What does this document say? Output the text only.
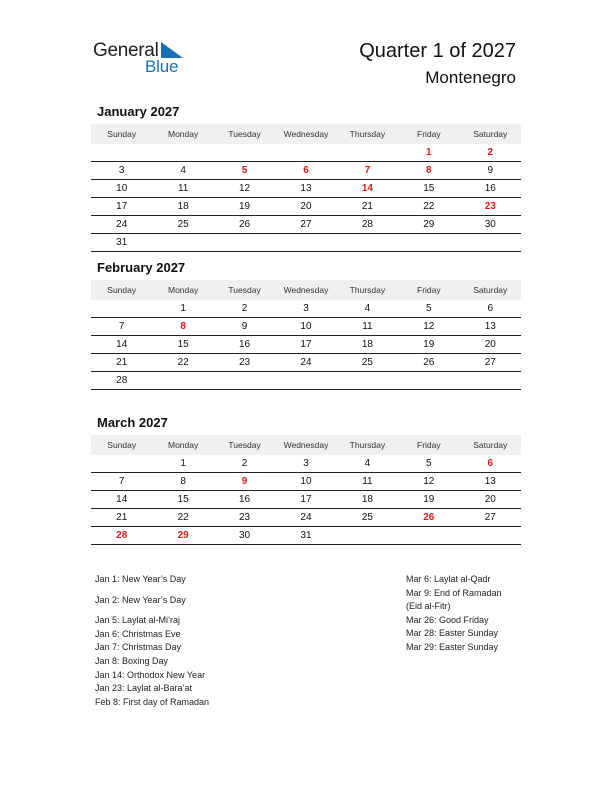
General
Blue
Quarter 1 of 2027
Montenegro
January 2027
Sunday	Monday	Tuesday	Wednesday	Thursday	Friday	Saturday
					1	2
3	4	5	6	7	8	9
10	11	12	13	14	15	16
17	18	19	20	21	22	23
24	25	26	27	28	29	30
31						
February 2027
Sunday	Monday	Tuesday	Wednesday	Thursday	Friday	Saturday
	1	2	3	4	5	6
7	8	9	10	11	12	13
14	15	16	17	18	19	20
21	22	23	24	25	26	27
28						
March 2027
Sunday	Monday	Tuesday	Wednesday	Thursday	Friday	Saturday
	1	2	3	4	5	6
7	8	9	10	11	12	13
14	15	16	17	18	19	20
21	22	23	24	25	26	27
28	29	30	31			
Jan 1: New Year’s Day

Jan 2: New Year’s Day

Jan 5: Laylat al-Mi’raj
Jan 6: Christmas Eve
Jan 7: Christmas Day
Jan 8: Boxing Day
Jan 14: Orthodox New Year
Jan 23: Laylat al-Bara’at
Feb 8: First day of Ramadan
Mar 6: Laylat al-Qadr
Mar 9: End of Ramadan
(Eid al-Fitr)
Mar 26: Good Friday
Mar 28: Easter Sunday
Mar 29: Easter Sunday
